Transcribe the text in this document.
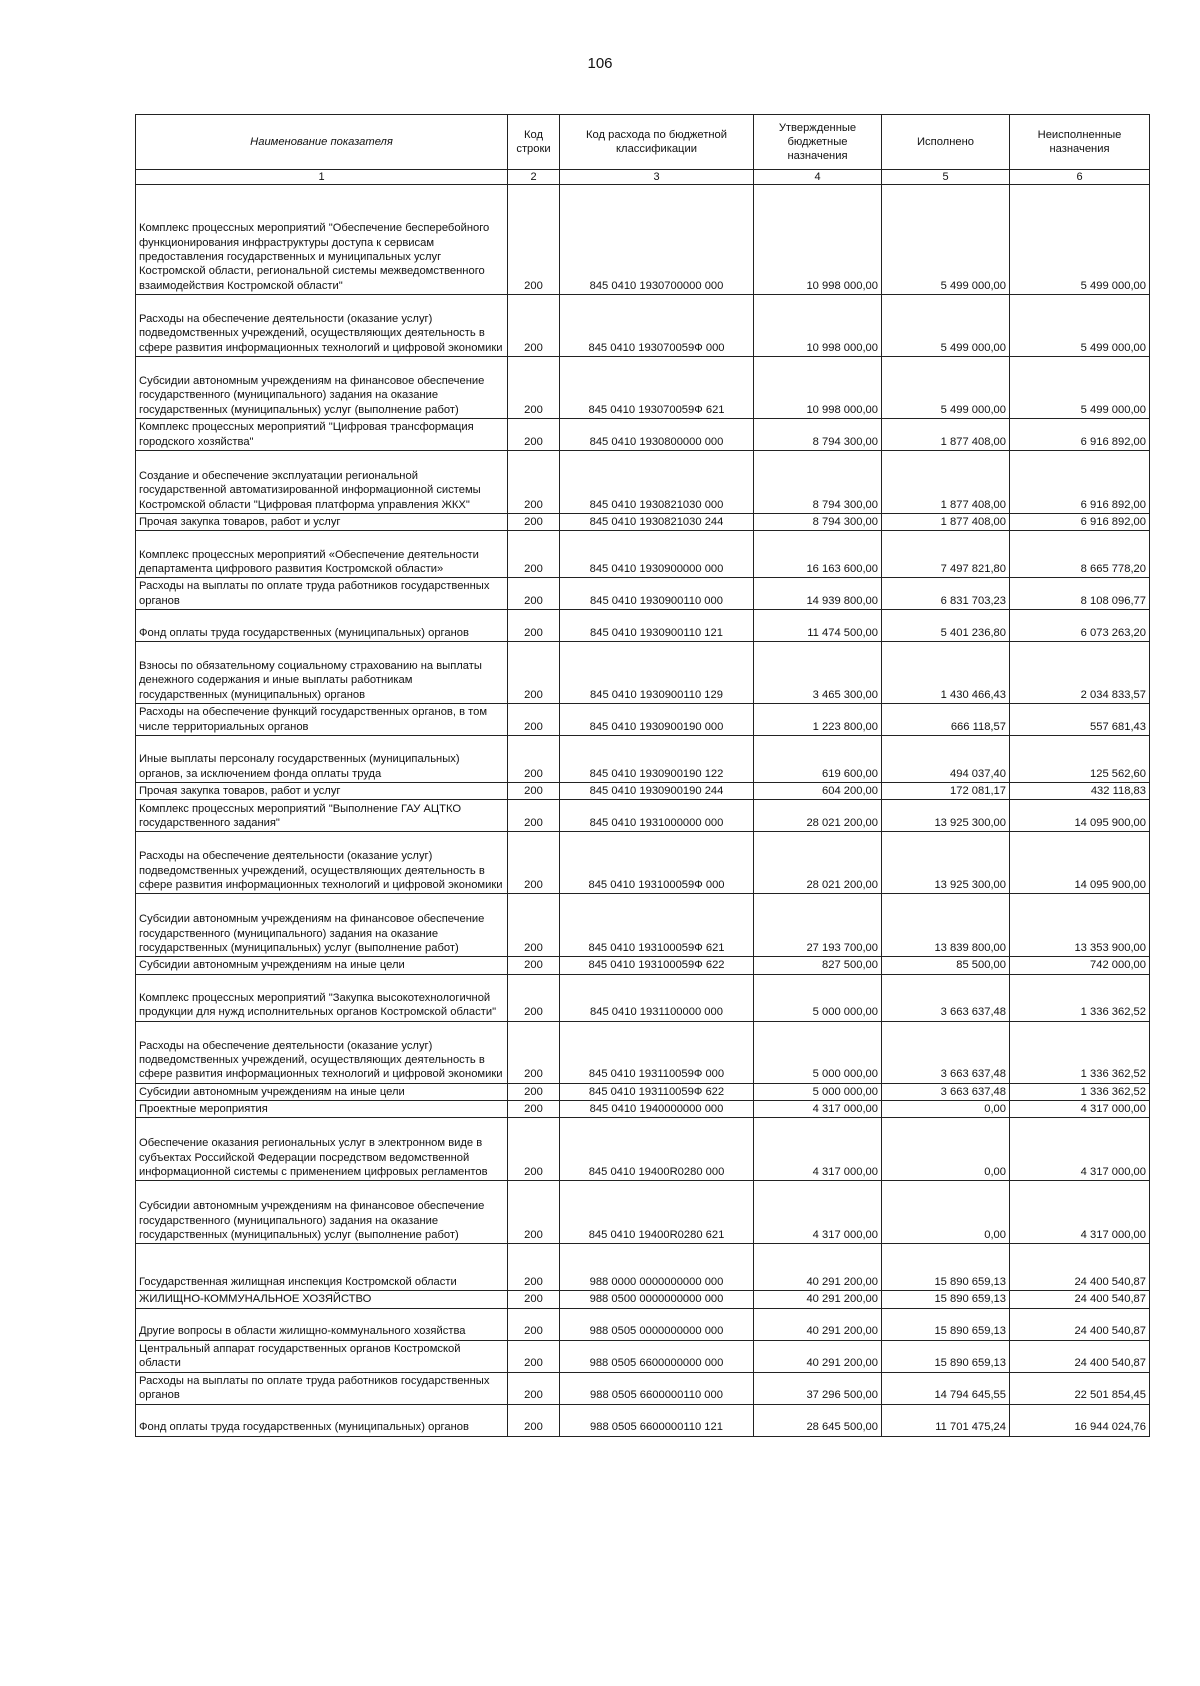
106
Наименование показателя	Код строки	Код расхода по бюджетной классификации	Утвержденные бюджетные назначения	Исполнено	Неисполненные назначения
1	2	3	4	5	6
Комплекс процессных мероприятий "Обеспечение бесперебойного функционирования инфраструктуры доступа к сервисам предоставления государственных и муниципальных услуг Костромской области, региональной системы межведомственного взаимодействия Костромской области"	200	845 0410 1930700000 000	10 998 000,00	5 499 000,00	5 499 000,00
Расходы на обеспечение деятельности (оказание услуг) подведомственных учреждений, осуществляющих деятельность в сфере развития информационных технологий и цифровой экономики	200	845 0410 193070059Ф 000	10 998 000,00	5 499 000,00	5 499 000,00
Субсидии автономным учреждениям на финансовое обеспечение государственного (муниципального) задания на оказание государственных (муниципальных) услуг (выполнение работ)	200	845 0410 193070059Ф 621	10 998 000,00	5 499 000,00	5 499 000,00
Комплекс процессных мероприятий "Цифровая трансформация городского хозяйства"	200	845 0410 1930800000 000	8 794 300,00	1 877 408,00	6 916 892,00
Создание и обеспечение эксплуатации региональной государственной автоматизированной информационной системы Костромской области "Цифровая платформа управления ЖКХ"	200	845 0410 1930821030 000	8 794 300,00	1 877 408,00	6 916 892,00
Прочая закупка товаров, работ и услуг	200	845 0410 1930821030 244	8 794 300,00	1 877 408,00	6 916 892,00
Комплекс процессных мероприятий «Обеспечение деятельности департамента цифрового развития Костромской области»	200	845 0410 1930900000 000	16 163 600,00	7 497 821,80	8 665 778,20
Расходы на выплаты по оплате труда работников государственных органов	200	845 0410 1930900110 000	14 939 800,00	6 831 703,23	8 108 096,77
Фонд оплаты труда государственных (муниципальных) органов	200	845 0410 1930900110 121	11 474 500,00	5 401 236,80	6 073 263,20
Взносы по обязательному социальному страхованию на выплаты денежного содержания и иные выплаты работникам государственных (муниципальных) органов	200	845 0410 1930900110 129	3 465 300,00	1 430 466,43	2 034 833,57
Расходы на обеспечение функций государственных органов, в том числе территориальных органов	200	845 0410 1930900190 000	1 223 800,00	666 118,57	557 681,43
Иные выплаты персоналу государственных (муниципальных) органов, за исключением фонда оплаты труда	200	845 0410 1930900190 122	619 600,00	494 037,40	125 562,60
Прочая закупка товаров, работ и услуг	200	845 0410 1930900190 244	604 200,00	172 081,17	432 118,83
Комплекс процессных мероприятий "Выполнение ГАУ АЦТКО государственного задания"	200	845 0410 1931000000 000	28 021 200,00	13 925 300,00	14 095 900,00
Расходы на обеспечение деятельности (оказание услуг) подведомственных учреждений, осуществляющих деятельность в сфере развития информационных технологий и цифровой экономики	200	845 0410 193100059Ф 000	28 021 200,00	13 925 300,00	14 095 900,00
Субсидии автономным учреждениям на финансовое обеспечение государственного (муниципального) задания на оказание государственных (муниципальных) услуг (выполнение работ)	200	845 0410 193100059Ф 621	27 193 700,00	13 839 800,00	13 353 900,00
Субсидии автономным учреждениям на иные цели	200	845 0410 193100059Ф 622	827 500,00	85 500,00	742 000,00
Комплекс процессных мероприятий "Закупка высокотехнологичной продукции для нужд исполнительных органов Костромской области"	200	845 0410 1931100000 000	5 000 000,00	3 663 637,48	1 336 362,52
Расходы на обеспечение деятельности (оказание услуг) подведомственных учреждений, осуществляющих деятельность в сфере развития информационных технологий и цифровой экономики	200	845 0410 193110059Ф 000	5 000 000,00	3 663 637,48	1 336 362,52
Субсидии автономным учреждениям на иные цели	200	845 0410 193110059Ф 622	5 000 000,00	3 663 637,48	1 336 362,52
Проектные мероприятия	200	845 0410 1940000000 000	4 317 000,00	0,00	4 317 000,00
Обеспечение оказания региональных услуг в электронном виде в субъектах Российской Федерации посредством ведомственной информационной системы с применением цифровых регламентов	200	845 0410 19400R0280 000	4 317 000,00	0,00	4 317 000,00
Субсидии автономным учреждениям на финансовое обеспечение государственного (муниципального) задания на оказание государственных (муниципальных) услуг (выполнение работ)	200	845 0410 19400R0280 621	4 317 000,00	0,00	4 317 000,00
Государственная жилищная инспекция Костромской области	200	988 0000 0000000000 000	40 291 200,00	15 890 659,13	24 400 540,87
ЖИЛИЩНО-КОММУНАЛЬНОЕ ХОЗЯЙСТВО	200	988 0500 0000000000 000	40 291 200,00	15 890 659,13	24 400 540,87
Другие вопросы в области жилищно-коммунального хозяйства	200	988 0505 0000000000 000	40 291 200,00	15 890 659,13	24 400 540,87
Центральный аппарат государственных органов Костромской области	200	988 0505 6600000000 000	40 291 200,00	15 890 659,13	24 400 540,87
Расходы на выплаты по оплате труда работников государственных органов	200	988 0505 6600000110 000	37 296 500,00	14 794 645,55	22 501 854,45
Фонд оплаты труда государственных (муниципальных) органов	200	988 0505 6600000110 121	28 645 500,00	11 701 475,24	16 944 024,76
